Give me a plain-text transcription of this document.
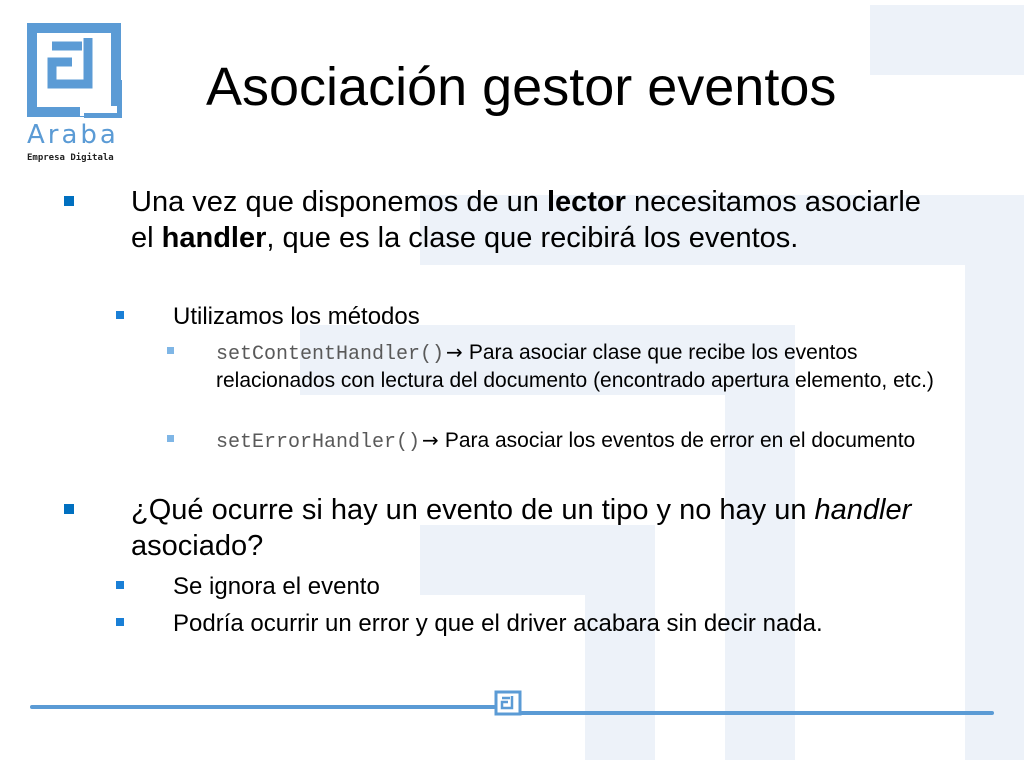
Araba
Empresa Digitala
Asociación gestor eventos
Una vez que disponemos de un lector necesitamos asociarle el handler, que es la clase que recibirá los eventos.
Utilizamos los métodos
setContentHandler() → Para asociar clase que recibe los eventos relacionados con lectura del documento (encontrado apertura elemento, etc.)
setErrorHandler() → Para asociar los eventos de error en el documento
¿Qué ocurre si hay un evento de un tipo y no hay un handler asociado?
Se ignora el evento
Podría ocurrir un error y que el driver acabara sin decir nada.
